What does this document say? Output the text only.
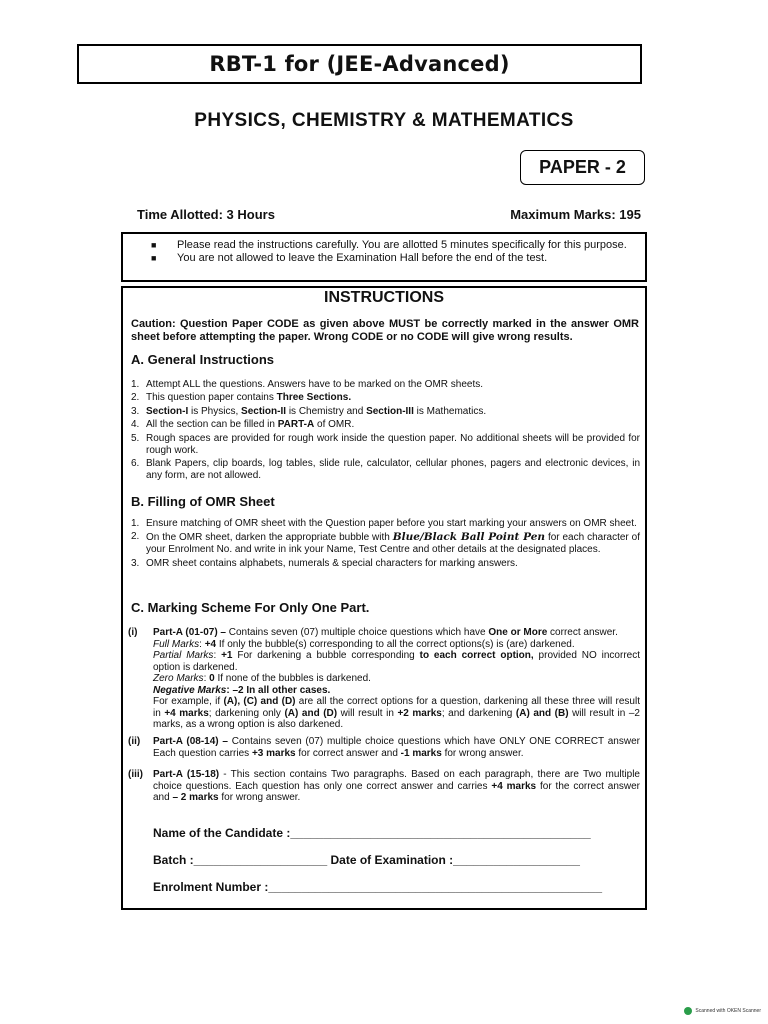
RBT-1 for (JEE-Advanced)
PHYSICS, CHEMISTRY & MATHEMATICS
PAPER - 2
Time Allotted: 3 Hours	Maximum Marks: 195
■ Please read the instructions carefully. You are allotted 5 minutes specifically for this purpose.
■ You are not allowed to leave the Examination Hall before the end of the test.
INSTRUCTIONS
Caution: Question Paper CODE as given above MUST be correctly marked in the answer OMR sheet before attempting the paper. Wrong CODE or no CODE will give wrong results.
A. General Instructions
1. Attempt ALL the questions. Answers have to be marked on the OMR sheets.
2. This question paper contains Three Sections.
3. Section-I is Physics, Section-II is Chemistry and Section-III is Mathematics.
4. All the section can be filled in PART-A of OMR.
5. Rough spaces are provided for rough work inside the question paper. No additional sheets will be provided for rough work.
6. Blank Papers, clip boards, log tables, slide rule, calculator, cellular phones, pagers and electronic devices, in any form, are not allowed.
B. Filling of OMR Sheet
1. Ensure matching of OMR sheet with the Question paper before you start marking your answers on OMR sheet.
2. On the OMR sheet, darken the appropriate bubble with Blue/Black Ball Point Pen for each character of your Enrolment No. and write in ink your Name, Test Centre and other details at the designated places.
3. OMR sheet contains alphabets, numerals & special characters for marking answers.
C. Marking Scheme For Only One Part.
(i) Part-A (01-07) – Contains seven (07) multiple choice questions which have One or More correct answer.
Full Marks: +4 If only the bubble(s) corresponding to all the correct options(s) is (are) darkened.
Partial Marks: +1 For darkening a bubble corresponding to each correct option, provided NO incorrect option is darkened.
Zero Marks: 0 If none of the bubbles is darkened.
Negative Marks: –2 In all other cases.
For example, if (A), (C) and (D) are all the correct options for a question, darkening all these three will result in +4 marks; darkening only (A) and (D) will result in +2 marks; and darkening (A) and (B) will result in –2 marks, as a wrong option is also darkened.
(ii) Part-A (08-14) – Contains seven (07) multiple choice questions which have ONLY ONE CORRECT answer Each question carries +3 marks for correct answer and -1 marks for wrong answer.
(iii) Part-A (15-18) - This section contains Two paragraphs. Based on each paragraph, there are Two multiple choice questions. Each question has only one correct answer and carries +4 marks for the correct answer and – 2 marks for wrong answer.
Name of the Candidate :_____________________________________________
Batch :____________________ Date of Examination :___________________
Enrolment Number :__________________________________________________
Scanned with OKEN Scanner
